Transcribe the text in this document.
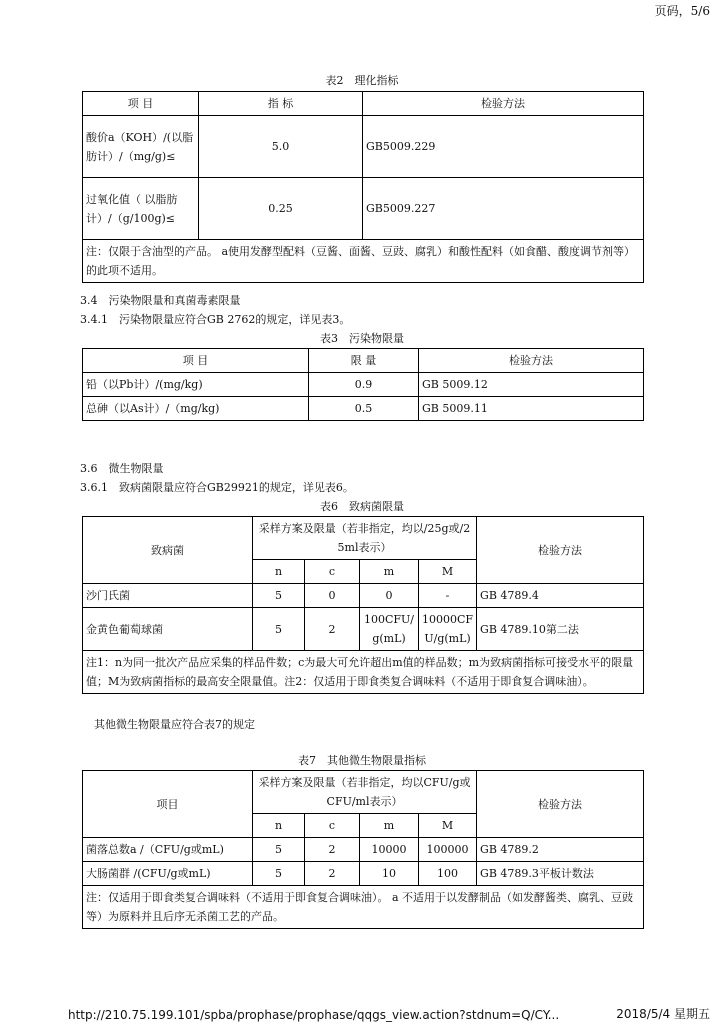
页码，5/6
表2　理化指标
项 目	指 标	检验方法
酸价a（KOH）/(以脂肪计）/（mg/g)≤	5.0	GB5009.229
过氧化值（ 以脂肪计）/（g/100g)≤	0.25	GB5009.227
注：仅限于含油型的产品。 a使用发酵型配料（豆酱、面酱、豆豉、腐乳）和酸性配料（如食醋、酸度调节剂等）的此项不适用。		
3.4　污染物限量和真菌毒素限量
3.4.1　污染物限量应符合GB 2762的规定，详见表3。
表3　污染物限量
项 目	限 量	检验方法
铅（以Pb计）/(mg/kg)	0.9	GB 5009.12
总砷（以As计）/（mg/kg)	0.5	GB 5009.11
3.6　微生物限量
3.6.1　致病菌限量应符合GB29921的规定，详见表6。
表6　致病菌限量
致病菌	采样方案及限量（若非指定，均以/25g或/25ml表示）				检验方法
	n	c	m	M	
沙门氏菌	5	0	0	-	GB 4789.4
金黄色葡萄球菌	5	2	100CFU/g(mL)	10000CFU/g(mL)	GB 4789.10第二法
注1：n为同一批次产品应采集的样品件数；c为最大可允许超出m值的样品数；m为致病菌指标可接受水平的限量值；M为致病菌指标的最高安全限量值。注2：仅适用于即食类复合调味料（不适用于即食复合调味油）。					
其他微生物限量应符合表7的规定
表7　其他微生物限量指标
项目	采样方案及限量（若非指定，均以CFU/g或CFU/ml表示）				检验方法
	n	c	m	M	
菌落总数a /（CFU/g或mL)	5	2	10000	100000	GB 4789.2
大肠菌群 /(CFU/g或mL)	5	2	10	100	GB 4789.3平板计数法
注：仅适用于即食类复合调味料（不适用于即食复合调味油）。 a 不适用于以发酵制品（如发酵酱类、腐乳、豆豉等）为原料并且后序无杀菌工艺的产品。					
http://210.75.199.101/spba/prophase/prophase/qqgs_view.action?stdnum=Q/CY...	2018/5/4 星期五
